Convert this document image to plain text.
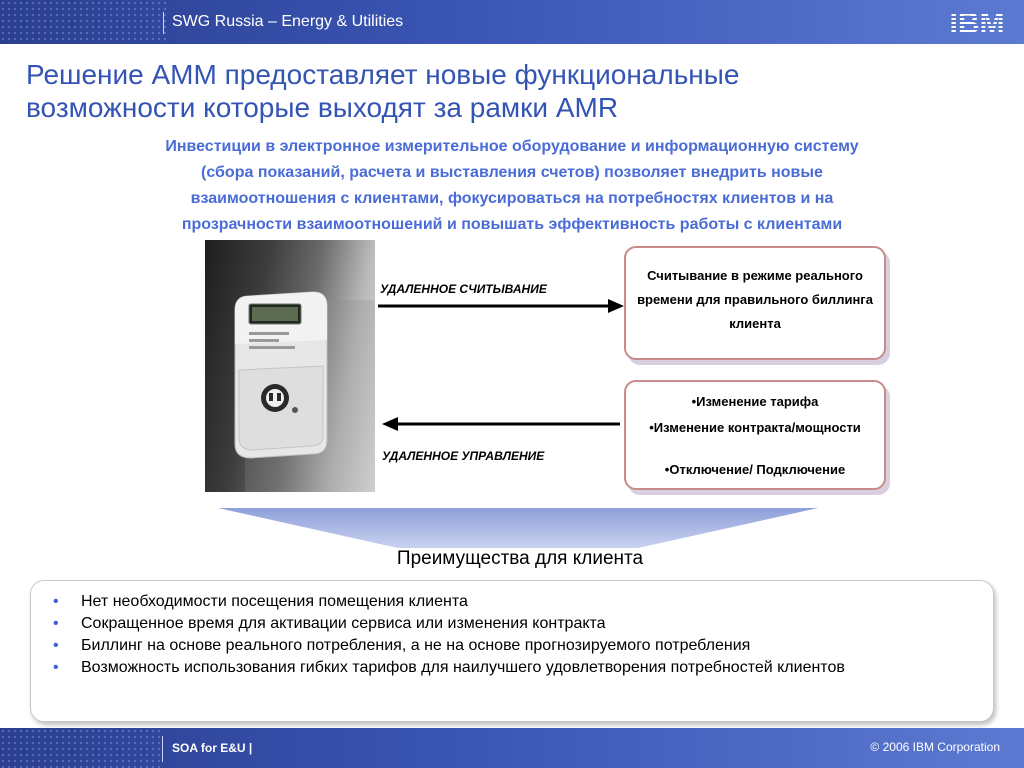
SWG Russia – Energy & Utilities	IBM
Решение AMM предоставляет новые функциональные
возможности которые выходят за рамки AMR
Инвестиции в электронное измерительное оборудование и информационную систему
(сбора показаний, расчета и выставления счетов) позволяет внедрить новые
взаимоотношения с клиентами, фокусироваться на потребностях клиентов и на
прозрачности взаимоотношений и повышать эффективность работы с клиентами
УДАЛЕННОЕ СЧИТЫВАНИЕ
УДАЛЕННОЕ УПРАВЛЕНИЕ
Считывание в режиме реального времени для правильного биллинга клиента
•Изменение тарифа
•Изменение контракта/мощности
•Отключение/ Подключение
Преимущества для клиента
• Нет необходимости посещения помещения клиента
• Сокращенное время для активации сервиса или изменения контракта
• Биллинг на основе реального потребления, а не на основе прогнозируемого потребления
• Возможность использования гибких тарифов для наилучшего удовлетворения потребностей клиентов
SOA for E&U |	© 2006 IBM Corporation
